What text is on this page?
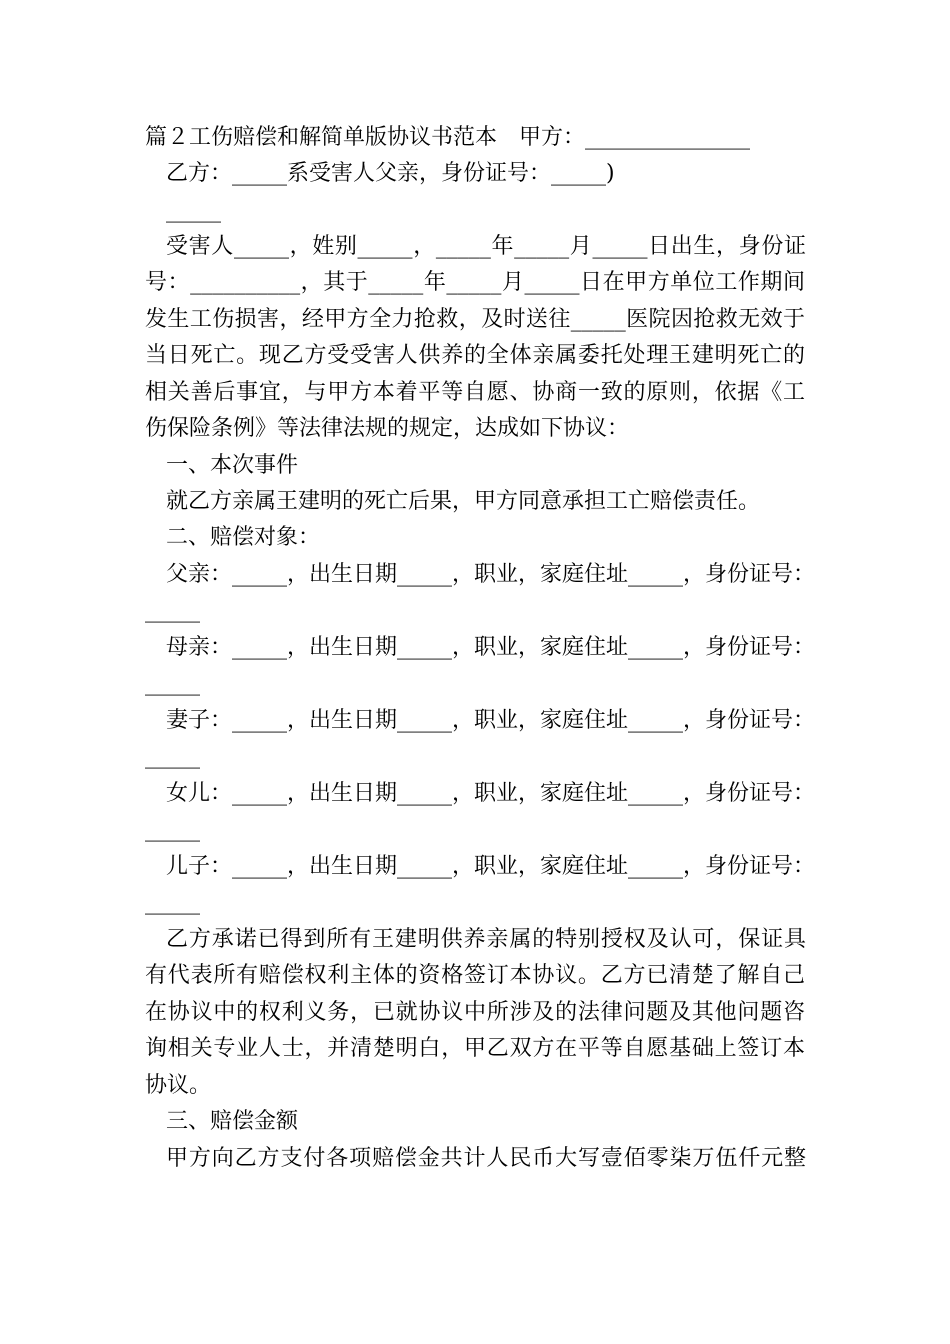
篇２工伤赔偿和解简单版协议书范本　甲方：_______________
乙方：_____系受害人父亲，身份证号：_____)
_____
受害人_____，姓别_____，_____年_____月_____日出生，身份证
号：__________，其于_____年_____月_____日在甲方单位工作期间
发生工伤损害，经甲方全力抢救，及时送往_____医院因抢救无效于
当日死亡。现乙方受受害人供养的全体亲属委托处理王建明死亡的
相关善后事宜，与甲方本着平等自愿、协商一致的原则，依据《工
伤保险条例》等法律法规的规定，达成如下协议：
一、本次事件
就乙方亲属王建明的死亡后果，甲方同意承担工亡赔偿责任。
二、赔偿对象：
父亲：_____，出生日期_____，职业，家庭住址_____，身份证号：
_____
母亲：_____，出生日期_____，职业，家庭住址_____，身份证号：
_____
妻子：_____，出生日期_____，职业，家庭住址_____，身份证号：
_____
女儿：_____，出生日期_____，职业，家庭住址_____，身份证号：
_____
儿子：_____，出生日期_____，职业，家庭住址_____，身份证号：
_____
乙方承诺已得到所有王建明供养亲属的特别授权及认可，保证具
有代表所有赔偿权利主体的资格签订本协议。乙方已清楚了解自己
在协议中的权利义务，已就协议中所涉及的法律问题及其他问题咨
询相关专业人士，并清楚明白，甲乙双方在平等自愿基础上签订本
协议。
三、赔偿金额
甲方向乙方支付各项赔偿金共计人民币大写壹佰零柒万伍仟元整
